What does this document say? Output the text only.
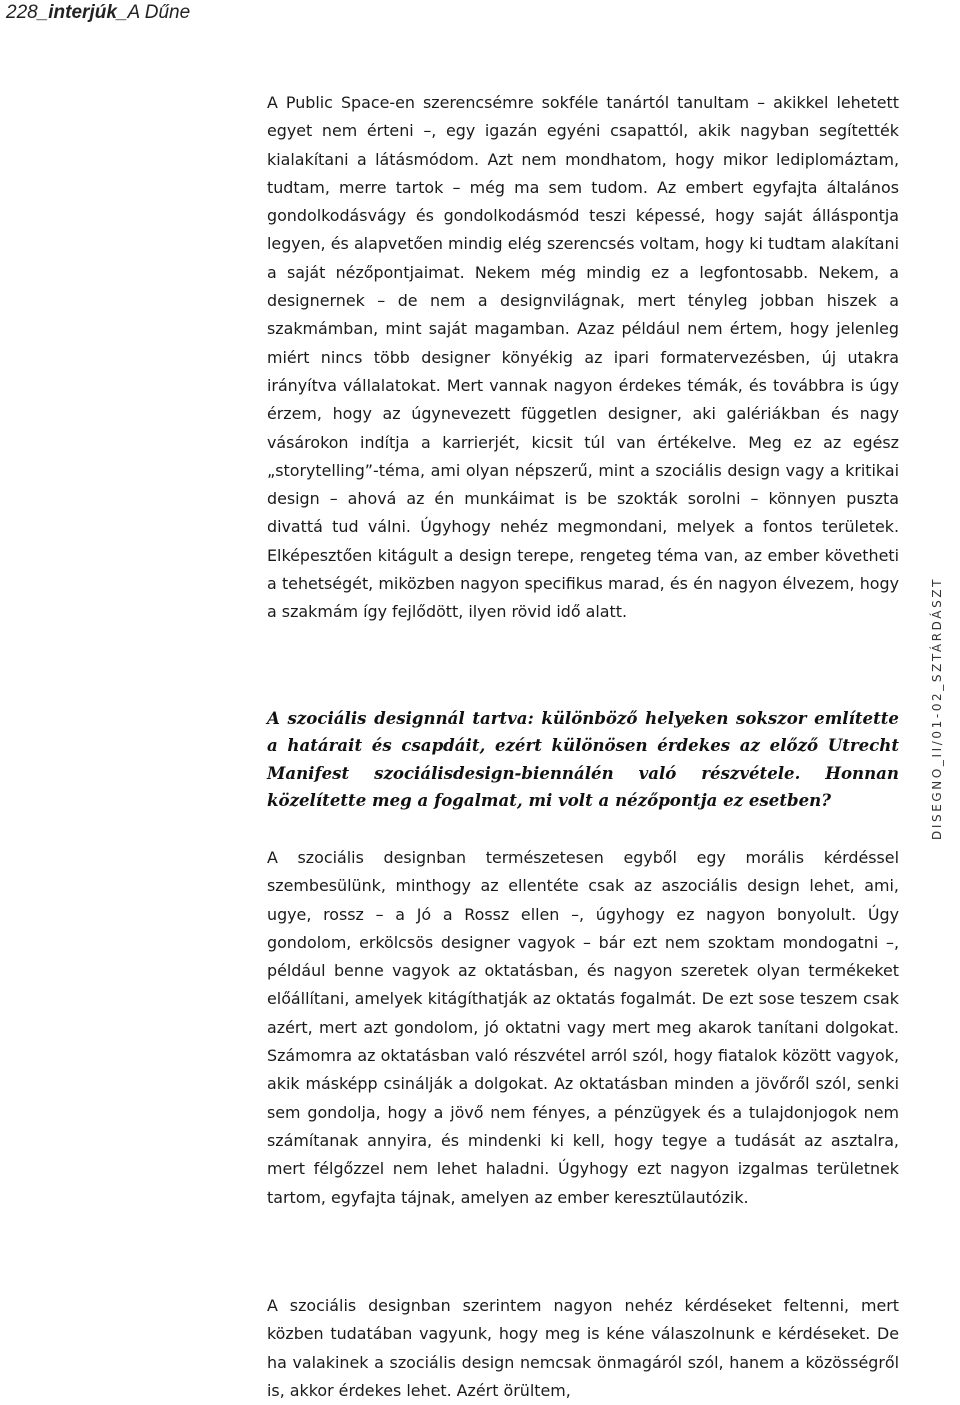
228_interjúk_A Dűne
DISEGNO_II/01-02_SZTÁRDÁSZT

A Public Space-en szerencsémre sokféle tanártól tanultam – akikkel lehetett egyet nem érteni –, egy igazán egyéni csapattól, akik nagyban segítették kialakítani a látásmódom. Azt nem mondhatom, hogy mikor lediplomáztam, tudtam, merre tartok – még ma sem tudom. Az embert egyfajta általános gondolkodásvágy és gondolkodásmód teszi képessé, hogy saját álláspontja legyen, és alapvetően mindig elég szerencsés voltam, hogy ki tudtam alakítani a saját nézőpontjaimat. Nekem még mindig ez a legfontosabb. Nekem, a designernek – de nem a designvilágnak, mert tényleg jobban hiszek a szakmámban, mint saját magamban. Azaz például nem értem, hogy jelenleg miért nincs több designer könyékig az ipari formatervezésben, új utakra irányítva vállalatokat. Mert vannak nagyon érdekes témák, és továbbra is úgy érzem, hogy az úgynevezett független designer, aki galériákban és nagy vásárokon indítja a karrierjét, kicsit túl van értékelve. Meg ez az egész „storytelling”-téma, ami olyan népszerű, mint a szociális design vagy a kritikai design – ahová az én munkáimat is be szokták sorolni – könnyen puszta divattá tud válni. Úgyhogy nehéz megmondani, melyek a fontos területek. Elképesztően kitágult a design terepe, rengeteg téma van, az ember követheti a tehetségét, miközben nagyon specifikus marad, és én nagyon élvezem, hogy a szakmám így fejlődött, ilyen rövid idő alatt.

A szociális designnál tartva: különböző helyeken sokszor említette a határait és csapdáit, ezért különösen érdekes az előző Utrecht Manifest szociálisdesign-biennálén való részvétele. Honnan közelítette meg a fogalmat, mi volt a nézőpontja ez esetben?

A szociális designban természetesen egyből egy morális kérdéssel szembesülünk, minthogy az ellentéte csak az aszociális design lehet, ami, ugye, rossz – a Jó a Rossz ellen –, úgyhogy ez nagyon bonyolult. Úgy gondolom, erkölcsös designer vagyok – bár ezt nem szoktam mondogatni –, például benne vagyok az oktatásban, és nagyon szeretek olyan termékeket előállítani, amelyek kitágíthatják az oktatás fogalmát. De ezt sose teszem csak azért, mert azt gondolom, jó oktatni vagy mert meg akarok tanítani dolgokat. Számomra az oktatásban való részvétel arról szól, hogy fiatalok között vagyok, akik másképp csinálják a dolgokat. Az oktatásban minden a jövőről szól, senki sem gondolja, hogy a jövő nem fényes, a pénzügyek és a tulajdonjogok nem számítanak annyira, és mindenki ki kell, hogy tegye a tudását az asztalra, mert félgőzzel nem lehet haladni. Úgyhogy ezt nagyon izgalmas területnek tartom, egyfajta tájnak, amelyen az ember keresztülautózik.

A szociális designban szerintem nagyon nehéz kérdéseket feltenni, mert közben tudatában vagyunk, hogy meg is kéne válaszolnunk e kérdéseket. De ha valakinek a szociális design nemcsak önmagáról szól, hanem a közösségről is, akkor érdekes lehet. Azért örültem,
